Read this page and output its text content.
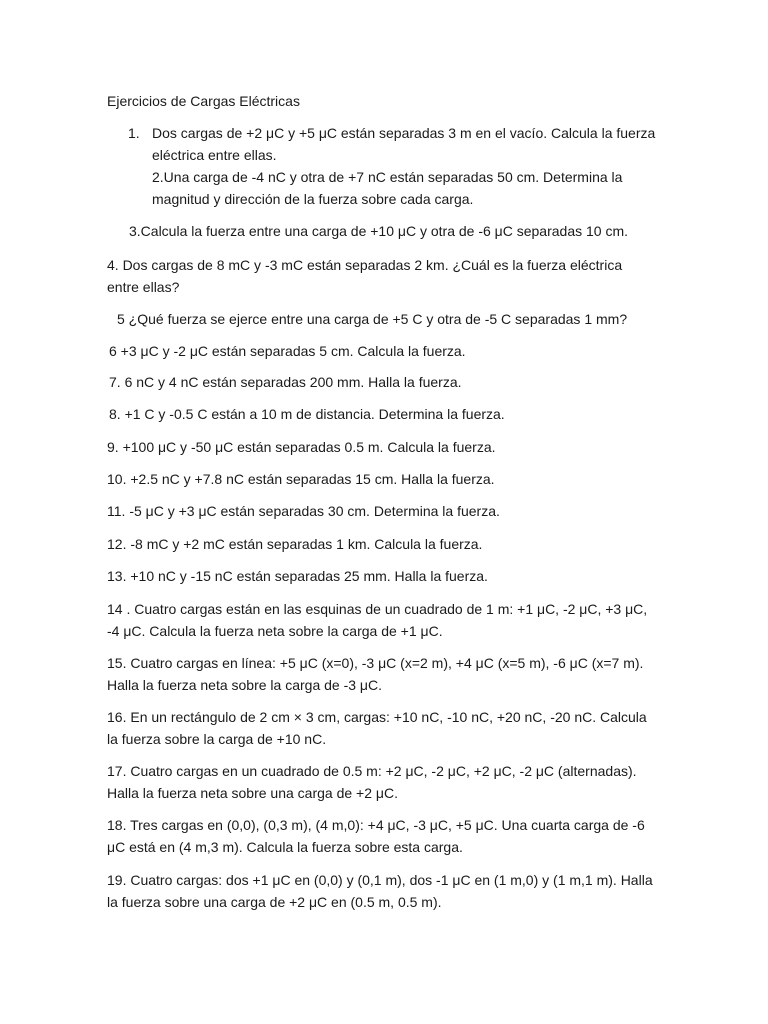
Ejercicios de Cargas Eléctricas
1. Dos cargas de +2 μC y +5 μC están separadas 3 m en el vacío. Calcula la fuerza
eléctrica entre ellas.
2.Una carga de -4 nC y otra de +7 nC están separadas 50 cm. Determina la
magnitud y dirección de la fuerza sobre cada carga.
3.Calcula la fuerza entre una carga de +10 μC y otra de -6 μC separadas 10 cm.
4. Dos cargas de 8 mC y -3 mC están separadas 2 km. ¿Cuál es la fuerza eléctrica
entre ellas?
5 ¿Qué fuerza se ejerce entre una carga de +5 C y otra de -5 C separadas 1 mm?
6 +3 μC y -2 μC están separadas 5 cm. Calcula la fuerza.
7. 6 nC y 4 nC están separadas 200 mm. Halla la fuerza.
8. +1 C y -0.5 C están a 10 m de distancia. Determina la fuerza.
9. +100 μC y -50 μC están separadas 0.5 m. Calcula la fuerza.
10. +2.5 nC y +7.8 nC están separadas 15 cm. Halla la fuerza.
11. -5 μC y +3 μC están separadas 30 cm. Determina la fuerza.
12. -8 mC y +2 mC están separadas 1 km. Calcula la fuerza.
13. +10 nC y -15 nC están separadas 25 mm. Halla la fuerza.
14 . Cuatro cargas están en las esquinas de un cuadrado de 1 m: +1 μC, -2 μC, +3 μC,
-4 μC. Calcula la fuerza neta sobre la carga de +1 μC.
15. Cuatro cargas en línea: +5 μC (x=0), -3 μC (x=2 m), +4 μC (x=5 m), -6 μC (x=7 m).
Halla la fuerza neta sobre la carga de -3 μC.
16. En un rectángulo de 2 cm × 3 cm, cargas: +10 nC, -10 nC, +20 nC, -20 nC. Calcula
la fuerza sobre la carga de +10 nC.
17. Cuatro cargas en un cuadrado de 0.5 m: +2 μC, -2 μC, +2 μC, -2 μC (alternadas).
Halla la fuerza neta sobre una carga de +2 μC.
18. Tres cargas en (0,0), (0,3 m), (4 m,0): +4 μC, -3 μC, +5 μC. Una cuarta carga de -6
μC está en (4 m,3 m). Calcula la fuerza sobre esta carga.
19. Cuatro cargas: dos +1 μC en (0,0) y (0,1 m), dos -1 μC en (1 m,0) y (1 m,1 m). Halla
la fuerza sobre una carga de +2 μC en (0.5 m, 0.5 m).
